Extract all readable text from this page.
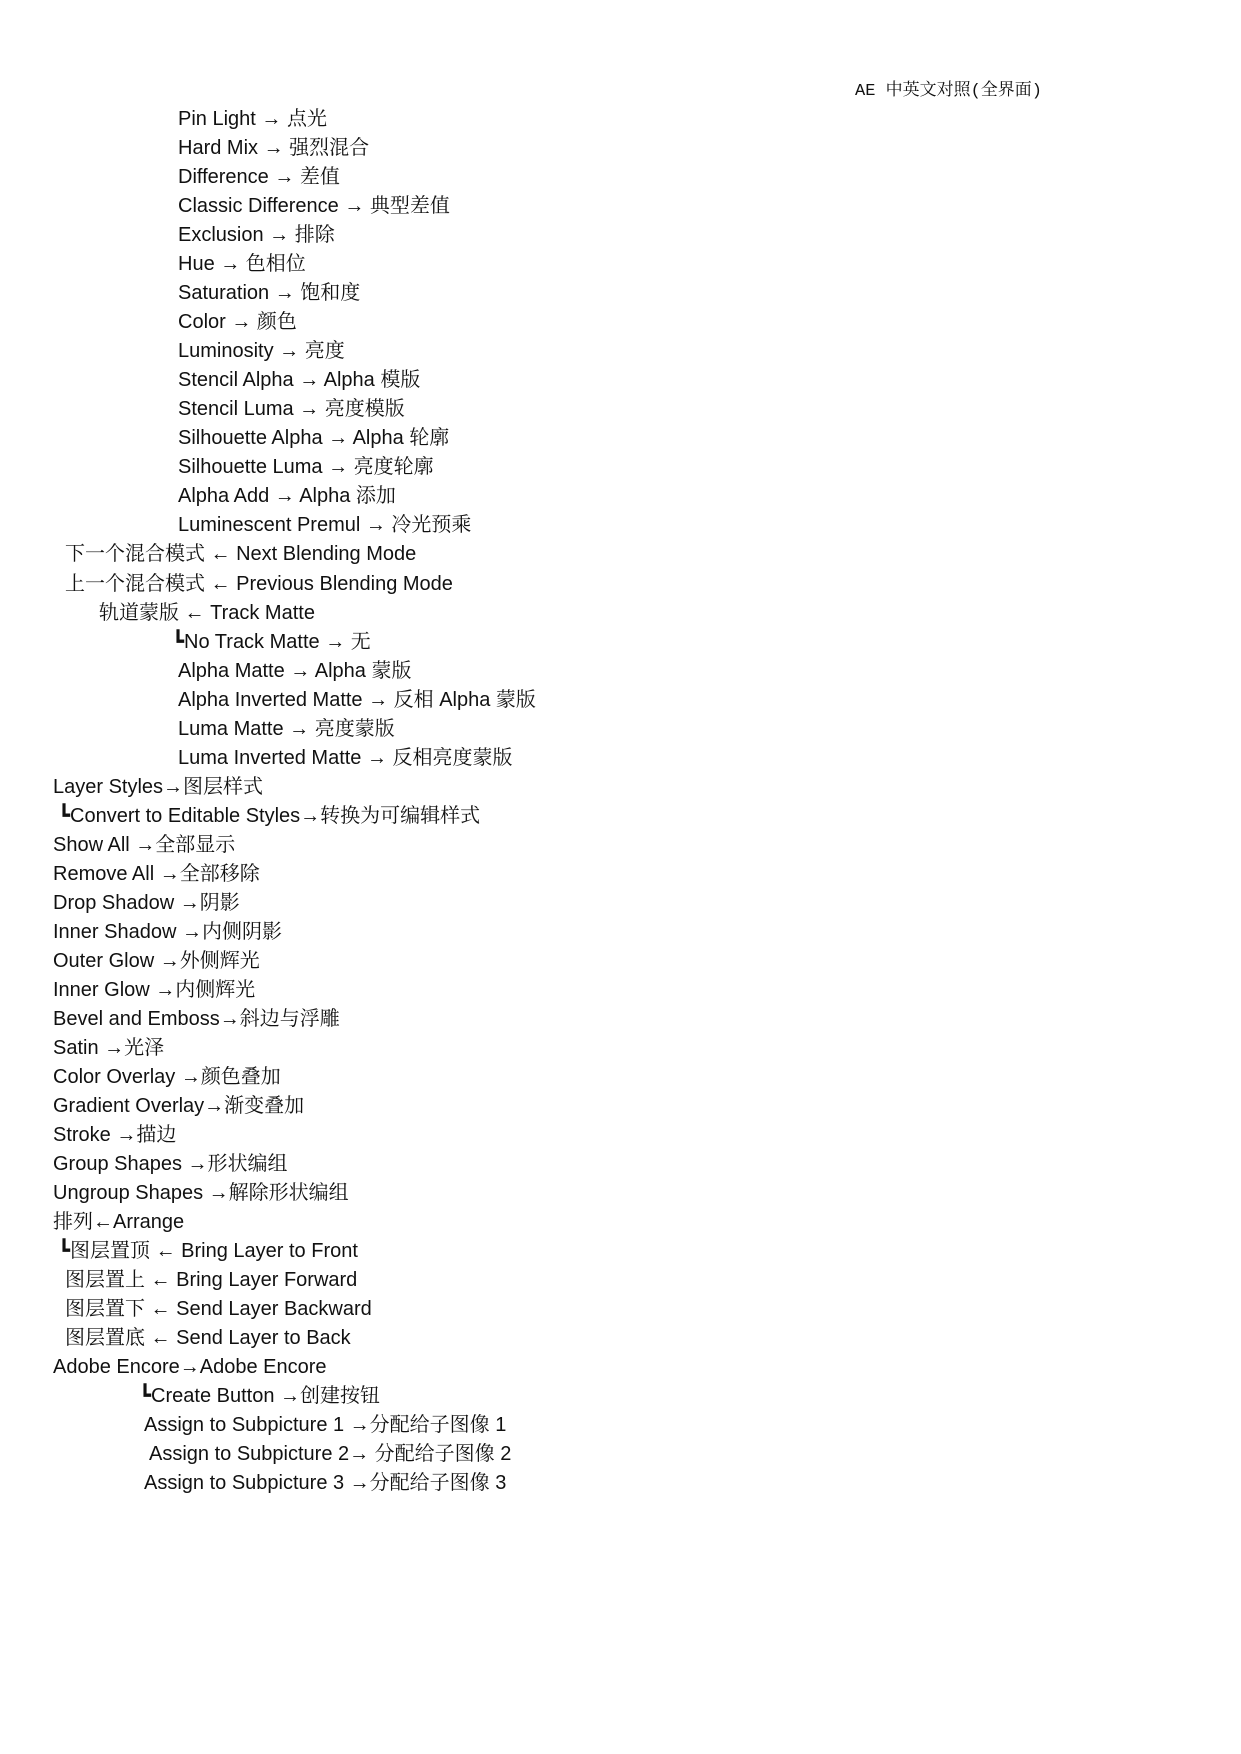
AE 中英文对照(全界面)
Pin Light → 点光
Hard Mix → 强烈混合
Difference → 差值
Classic Difference → 典型差值
Exclusion → 排除
Hue → 色相位
Saturation → 饱和度
Color → 颜色
Luminosity → 亮度
Stencil Alpha → Alpha 模版
Stencil Luma → 亮度模版
Silhouette Alpha → Alpha 轮廓
Silhouette Luma → 亮度轮廓
Alpha Add → Alpha 添加
Luminescent Premul → 冷光预乘
下一个混合模式 ← Next Blending Mode
上一个混合模式 ← Previous Blending Mode
轨道蒙版 ← Track Matte
┗No Track Matte → 无
Alpha Matte → Alpha 蒙版
Alpha Inverted Matte → 反相 Alpha 蒙版
Luma Matte → 亮度蒙版
Luma Inverted Matte → 反相亮度蒙版
Layer Styles→图层样式
┗Convert to Editable Styles→转换为可编辑样式
Show All →全部显示
Remove All →全部移除
Drop Shadow →阴影
Inner Shadow →内侧阴影
Outer Glow →外侧辉光
Inner Glow →内侧辉光
Bevel and Emboss→斜边与浮雕
Satin →光泽
Color Overlay →颜色叠加
Gradient Overlay→渐变叠加
Stroke →描边
Group Shapes →形状编组
Ungroup Shapes →解除形状编组
排列←Arrange
┗图层置顶 ← Bring Layer to Front
图层置上 ← Bring Layer Forward
图层置下 ← Send Layer Backward
图层置底 ← Send Layer to Back
Adobe Encore→Adobe Encore
┗Create Button →创建按钮
Assign to Subpicture 1 →分配给子图像 1
Assign to Subpicture 2→ 分配给子图像 2
Assign to Subpicture 3 →分配给子图像 3
